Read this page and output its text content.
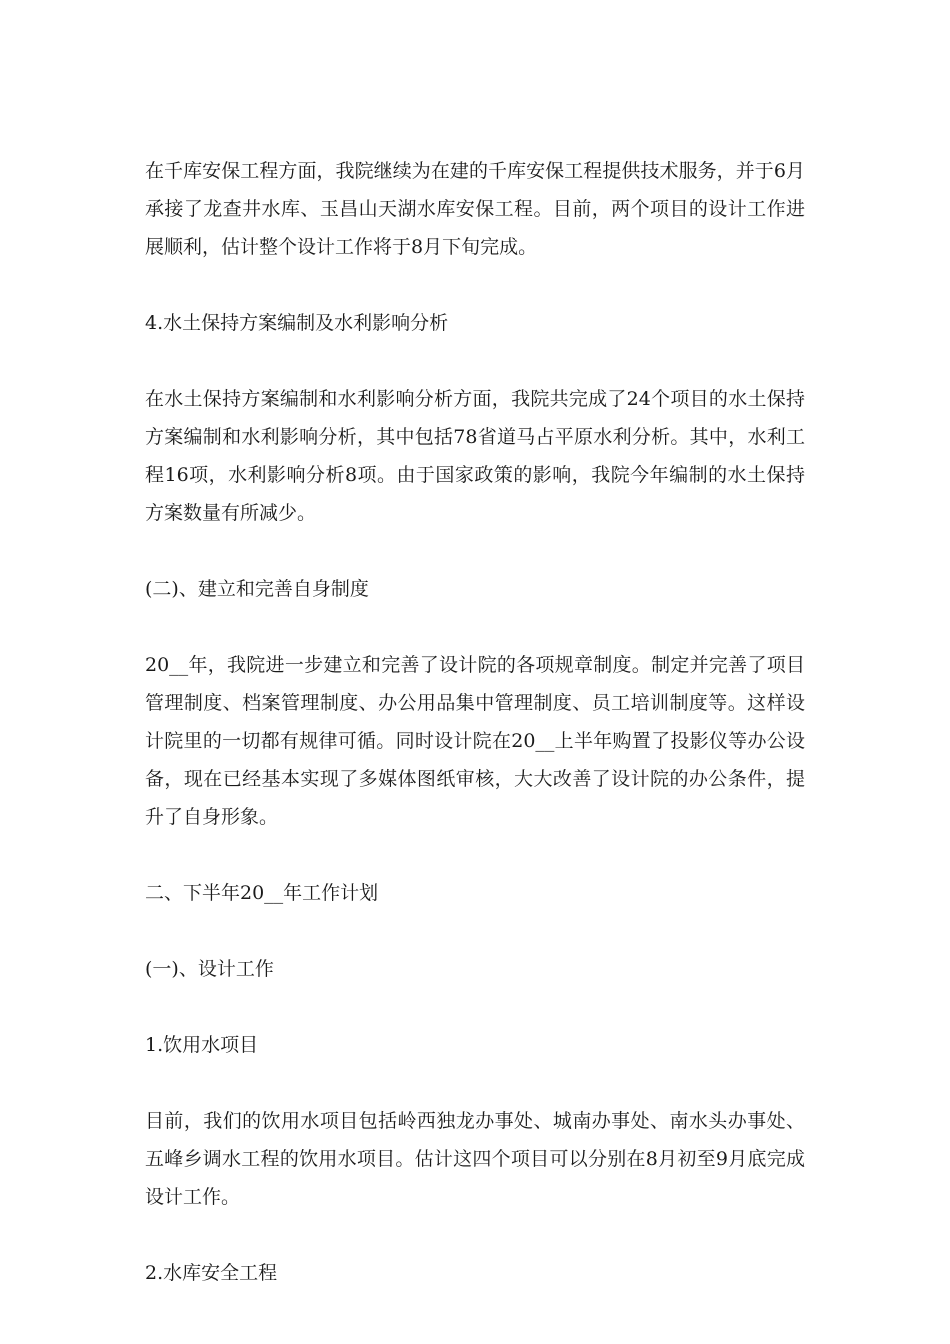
在千库安保工程方面，我院继续为在建的千库安保工程提供技术服务，并于6月承接了龙查井水库、玉昌山天湖水库安保工程。目前，两个项目的设计工作进展顺利，估计整个设计工作将于8月下旬完成。

4.水土保持方案编制及水利影响分析

在水土保持方案编制和水利影响分析方面，我院共完成了24个项目的水土保持方案编制和水利影响分析，其中包括78省道马占平原水利分析。其中，水利工程16项，水利影响分析8项。由于国家政策的影响，我院今年编制的水土保持方案数量有所减少。

(二)、建立和完善自身制度

20__年，我院进一步建立和完善了设计院的各项规章制度。制定并完善了项目管理制度、档案管理制度、办公用品集中管理制度、员工培训制度等。这样设计院里的一切都有规律可循。同时设计院在20__上半年购置了投影仪等办公设备，现在已经基本实现了多媒体图纸审核，大大改善了设计院的办公条件，提升了自身形象。

二、下半年20__年工作计划

(一)、设计工作

1.饮用水项目

目前，我们的饮用水项目包括岭西独龙办事处、城南办事处、南水头办事处、五峰乡调水工程的饮用水项目。估计这四个项目可以分别在8月初至9月底完成设计工作。

2.水库安全工程
